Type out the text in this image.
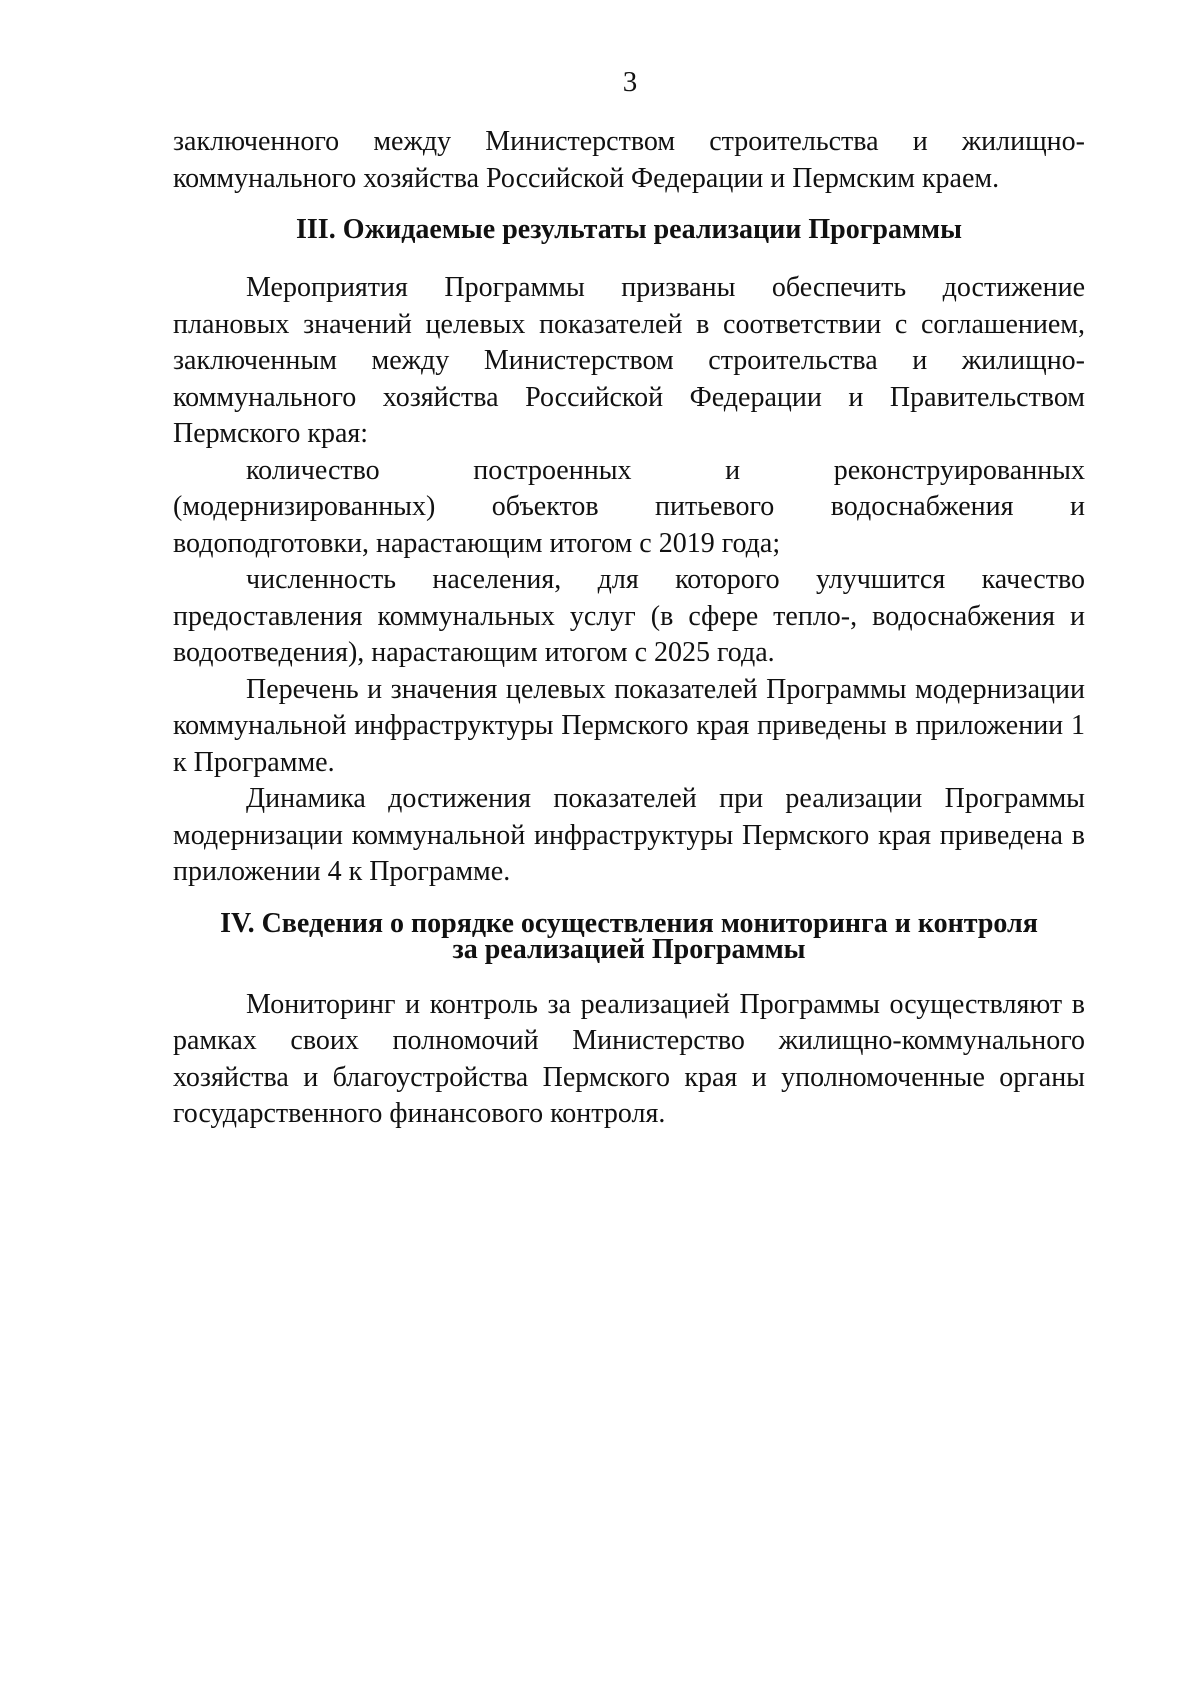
3

заключенного между Министерством строительства и жилищно-коммунального хозяйства Российской Федерации и Пермским краем.

III. Ожидаемые результаты реализации Программы

Мероприятия Программы призваны обеспечить достижение плановых значений целевых показателей в соответствии с соглашением, заключенным между Министерством строительства и жилищно-коммунального хозяйства Российской Федерации и Правительством Пермского края:

количество построенных и реконструированных (модернизированных) объектов питьевого водоснабжения и водоподготовки, нарастающим итогом с 2019 года;

численность населения, для которого улучшится качество предоставления коммунальных услуг (в сфере тепло-, водоснабжения и водоотведения), нарастающим итогом с 2025 года.

Перечень и значения целевых показателей Программы модернизации коммунальной инфраструктуры Пермского края приведены в приложении 1 к Программе.

Динамика достижения показателей при реализации Программы модернизации коммунальной инфраструктуры Пермского края приведена в приложении 4 к Программе.

IV. Сведения о порядке осуществления мониторинга и контроля
за реализацией Программы

Мониторинг и контроль за реализацией Программы осуществляют в рамках своих полномочий Министерство жилищно-коммунального хозяйства и благоустройства Пермского края и уполномоченные органы государственного финансового контроля.
